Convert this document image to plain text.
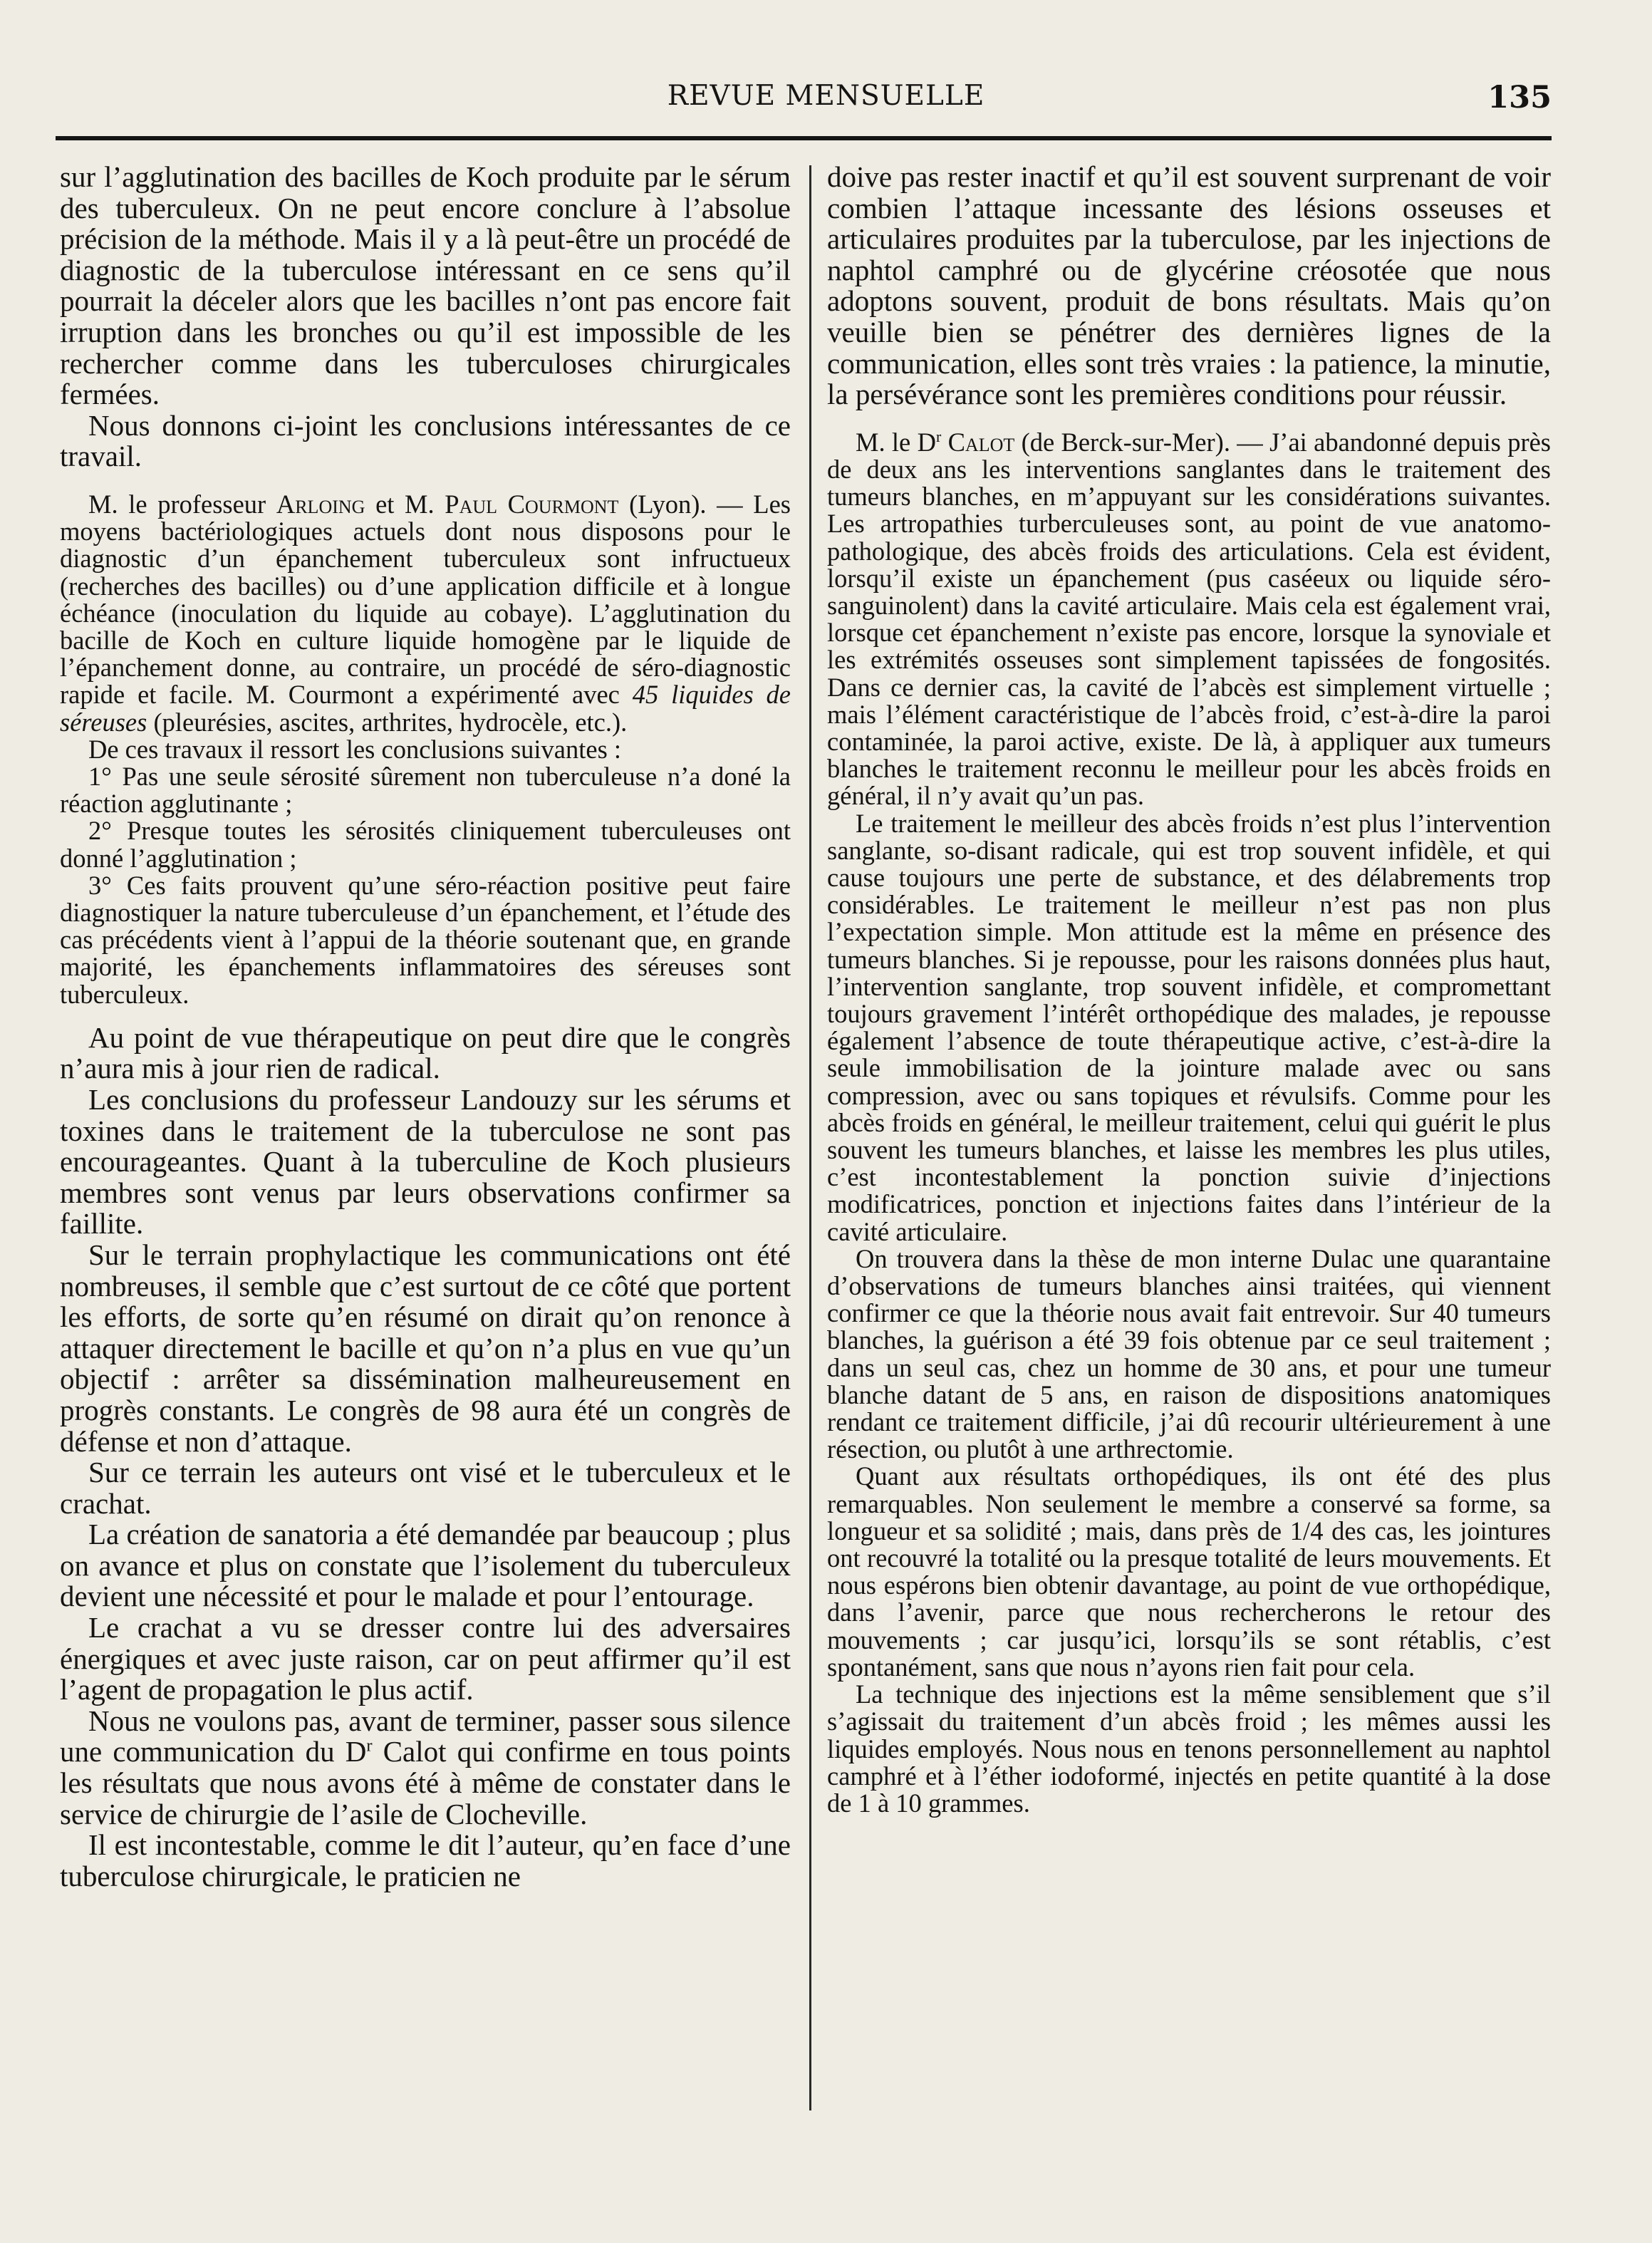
REVUE MENSUELLE	135

sur l’agglutination des bacilles de Koch produite par le sérum des tuberculeux. On ne peut encore conclure à l’absolue précision de la méthode. Mais il y a là peut-être un procédé de diagnostic de la tuberculose intéressant en ce sens qu’il pourrait la déceler alors que les bacilles n’ont pas encore fait irruption dans les bronches ou qu’il est impossible de les rechercher comme dans les tuberculoses chirurgicales fermées.

Nous donnons ci-joint les conclusions intéressantes de ce travail.

M. le professeur Arloing et M. Paul Courmont (Lyon). — Les moyens bactériologiques actuels dont nous disposons pour le diagnostic d’un épanchement tuberculeux sont infructueux (recherches des bacilles) ou d’une application difficile et à longue échéance (inoculation du liquide au cobaye). L’agglutination du bacille de Koch en culture liquide homogène par le liquide de l’épanchement donne, au contraire, un procédé de séro-diagnostic rapide et facile. M. Courmont a expérimenté avec 45 liquides de séreuses (pleurésies, ascites, arthrites, hydrocèle, etc.).

De ces travaux il ressort les conclusions suivantes :

1° Pas une seule sérosité sûrement non tuberculeuse n’a doné la réaction agglutinante ;

2° Presque toutes les sérosités cliniquement tuberculeuses ont donné l’agglutination ;

3° Ces faits prouvent qu’une séro-réaction positive peut faire diagnostiquer la nature tuberculeuse d’un épanchement, et l’étude des cas précédents vient à l’appui de la théorie soutenant que, en grande majorité, les épanchements inflammatoires des séreuses sont tuberculeux.

Au point de vue thérapeutique on peut dire que le congrès n’aura mis à jour rien de radical.

Les conclusions du professeur Landouzy sur les sérums et toxines dans le traitement de la tuberculose ne sont pas encourageantes. Quant à la tuberculine de Koch plusieurs membres sont venus par leurs observations confirmer sa faillite.

Sur le terrain prophylactique les communications ont été nombreuses, il semble que c’est surtout de ce côté que portent les efforts, de sorte qu’en résumé on dirait qu’on renonce à attaquer directement le bacille et qu’on n’a plus en vue qu’un objectif : arrêter sa dissémination malheureusement en progrès constants. Le congrès de 98 aura été un congrès de défense et non d’attaque.

Sur ce terrain les auteurs ont visé et le tuberculeux et le crachat.

La création de sanatoria a été demandée par beaucoup ; plus on avance et plus on constate que l’isolement du tuberculeux devient une nécessité et pour le malade et pour l’entourage.

Le crachat a vu se dresser contre lui des adversaires énergiques et avec juste raison, car on peut affirmer qu’il est l’agent de propagation le plus actif.

Nous ne voulons pas, avant de terminer, passer sous silence une communication du $D^r$ Calot qui confirme en tous points les résultats que nous avons été à même de constater dans le service de chirurgie de l’asile de Clocheville.

Il est incontestable, comme le dit l’auteur, qu’en face d’une tuberculose chirurgicale, le praticien ne

doive pas rester inactif et qu’il est souvent surprenant de voir combien l’attaque incessante des lésions osseuses et articulaires produites par la tuberculose, par les injections de naphtol camphré ou de glycérine créosotée que nous adoptons souvent, produit de bons résultats. Mais qu’on veuille bien se pénétrer des dernières lignes de la communication, elles sont très vraies : la patience, la minutie, la persévérance sont les premières conditions pour réussir.

M. le $D^r$ Calot (de Berck-sur-Mer). — J’ai abandonné depuis près de deux ans les interventions sanglantes dans le traitement des tumeurs blanches, en m’appuyant sur les considérations suivantes. Les artropathies turberculeuses sont, au point de vue anatomo-pathologique, des abcès froids des articulations. Cela est évident, lorsqu’il existe un épanchement (pus caséeux ou liquide séro-sanguinolent) dans la cavité articulaire. Mais cela est également vrai, lorsque cet épanchement n’existe pas encore, lorsque la synoviale et les extrémités osseuses sont simplement tapissées de fongosités. Dans ce dernier cas, la cavité de l’abcès est simplement virtuelle ; mais l’élément caractéristique de l’abcès froid, c’est-à-dire la paroi contaminée, la paroi active, existe. De là, à appliquer aux tumeurs blanches le traitement reconnu le meilleur pour les abcès froids en général, il n’y avait qu’un pas.

Le traitement le meilleur des abcès froids n’est plus l’intervention sanglante, so-disant radicale, qui est trop souvent infidèle, et qui cause toujours une perte de substance, et des délabrements trop considérables. Le traitement le meilleur n’est pas non plus l’expectation simple. Mon attitude est la même en présence des tumeurs blanches. Si je repousse, pour les raisons données plus haut, l’intervention sanglante, trop souvent infidèle, et compromettant toujours gravement l’intérêt orthopédique des malades, je repousse également l’absence de toute thérapeutique active, c’est-à-dire la seule immobilisation de la jointure malade avec ou sans compression, avec ou sans topiques et révulsifs. Comme pour les abcès froids en général, le meilleur traitement, celui qui guérit le plus souvent les tumeurs blanches, et laisse les membres les plus utiles, c’est incontestablement la ponction suivie d’injections modificatrices, ponction et injections faites dans l’intérieur de la cavité articulaire.

On trouvera dans la thèse de mon interne Dulac une quarantaine d’observations de tumeurs blanches ainsi traitées, qui viennent confirmer ce que la théorie nous avait fait entrevoir. Sur 40 tumeurs blanches, la guérison a été 39 fois obtenue par ce seul traitement ; dans un seul cas, chez un homme de 30 ans, et pour une tumeur blanche datant de 5 ans, en raison de dispositions anatomiques rendant ce traitement difficile, j’ai dû recourir ultérieurement à une résection, ou plutôt à une arthrectomie.

Quant aux résultats orthopédiques, ils ont été des plus remarquables. Non seulement le membre a conservé sa forme, sa longueur et sa solidité ; mais, dans près de 1/4 des cas, les jointures ont recouvré la totalité ou la presque totalité de leurs mouvements. Et nous espérons bien obtenir davantage, au point de vue orthopédique, dans l’avenir, parce que nous rechercherons le retour des mouvements ; car jusqu’ici, lorsqu’ils se sont rétablis, c’est spontanément, sans que nous n’ayons rien fait pour cela.

La technique des injections est la même sensiblement que s’il s’agissait du traitement d’un abcès froid ; les mêmes aussi les liquides employés. Nous nous en tenons personnellement au naphtol camphré et à l’éther iodoformé, injectés en petite quantité à la dose de 1 à 10 grammes.
